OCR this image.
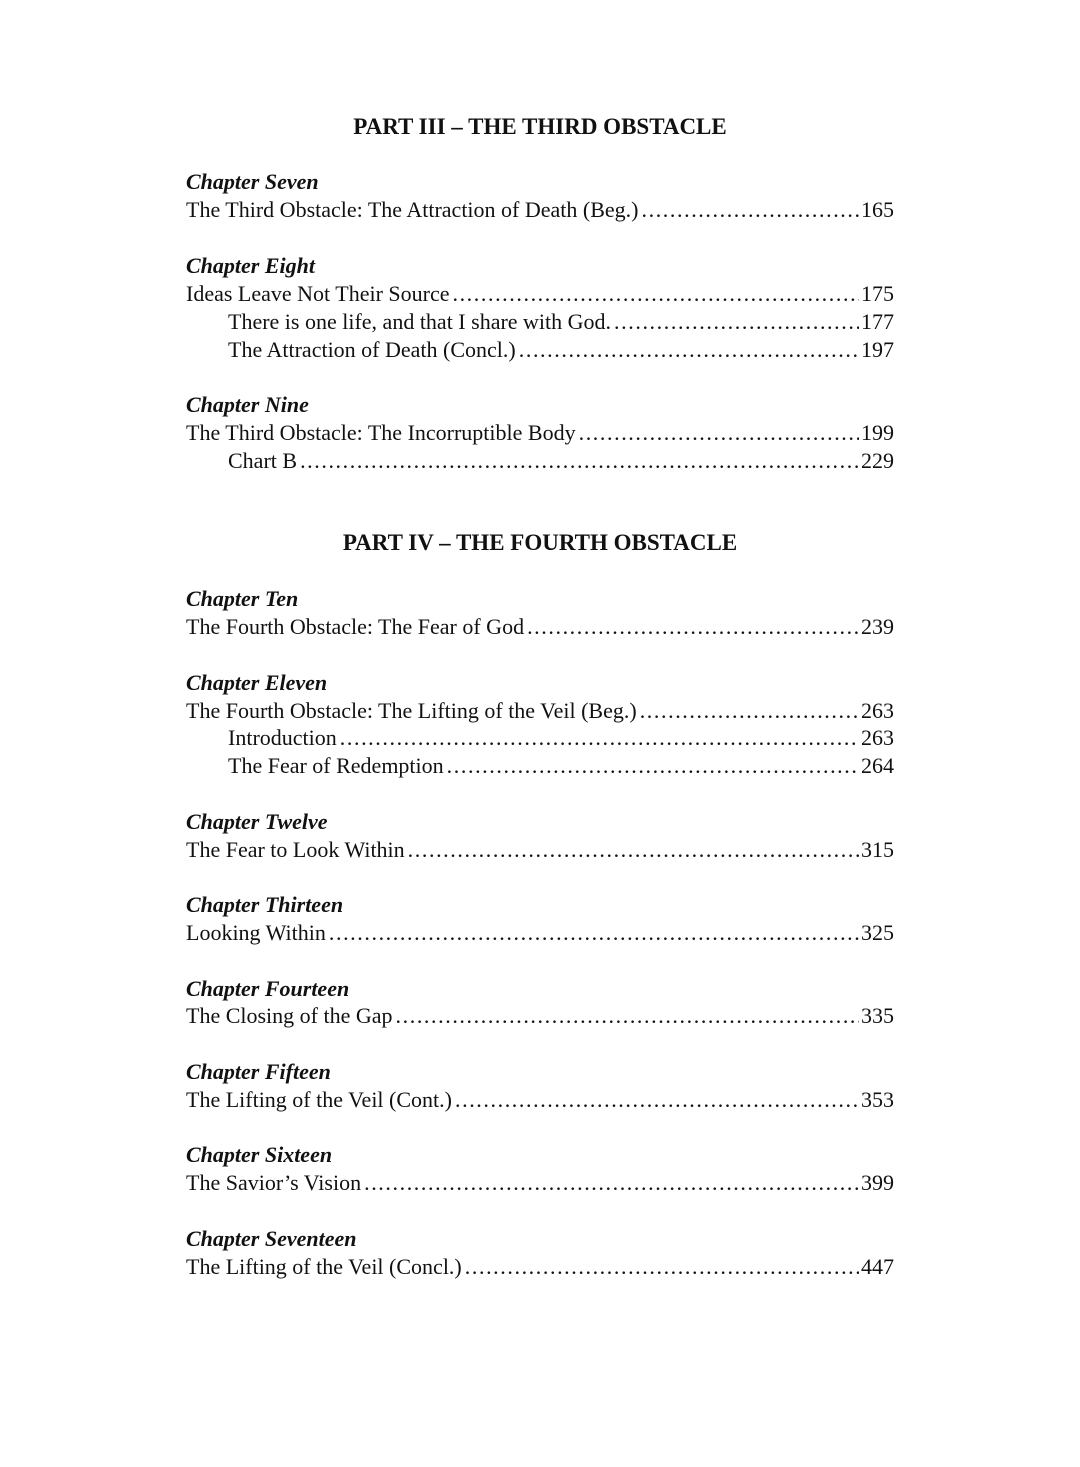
PART III – THE THIRD OBSTACLE
Chapter Seven
The Third Obstacle: The Attraction of Death (Beg.) .....	165
Chapter Eight
Ideas Leave Not Their Source .....	175
There is one life, and that I share with God. .....	177
The Attraction of Death (Concl.) .....	197
Chapter Nine
The Third Obstacle: The Incorruptible Body .....	199
Chart B .....	229
PART IV – THE FOURTH OBSTACLE
Chapter Ten
The Fourth Obstacle: The Fear of God .....	239
Chapter Eleven
The Fourth Obstacle: The Lifting of the Veil (Beg.) .....	263
Introduction .....	263
The Fear of Redemption .....	264
Chapter Twelve
The Fear to Look Within .....	315
Chapter Thirteen
Looking Within .....	325
Chapter Fourteen
The Closing of the Gap .....	335
Chapter Fifteen
The Lifting of the Veil (Cont.) .....	353
Chapter Sixteen
The Savior’s Vision .....	399
Chapter Seventeen
The Lifting of the Veil (Concl.) .....	447
